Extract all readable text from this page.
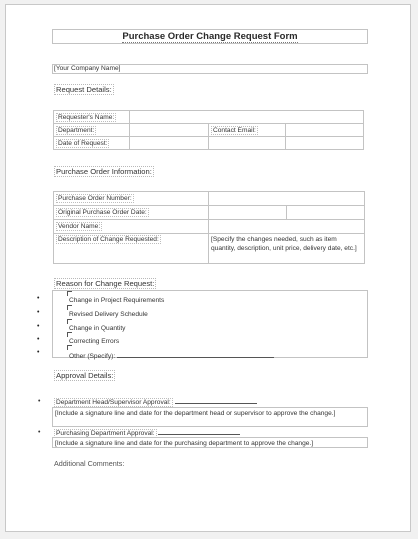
Purchase Order Change Request Form
[Your Company Name]
Request Details:
Requester's Name:			
Department:		Contact Email:	
Date of Request:			
Purchase Order Information:
Purchase Order Number:		
Original Purchase Order Date:		
Vendor Name:		
Description of Change Requested:	[Specify the changes needed, such as item quantity, description, unit price, delivery date, etc.]	
Reason for Change Request:
•	Change in Project Requirements
•	Revised Delivery Schedule
•	Change in Quantity
•	Correcting Errors
•
Other (Specify):
Approval Details:
• Department Head/Supervisor Approval:
[Include a signature line and date for the department head or supervisor to approve the change.]
• Purchasing Department Approval:
[Include a signature line and date for the purchasing department to approve the change.]
Additional Comments:
